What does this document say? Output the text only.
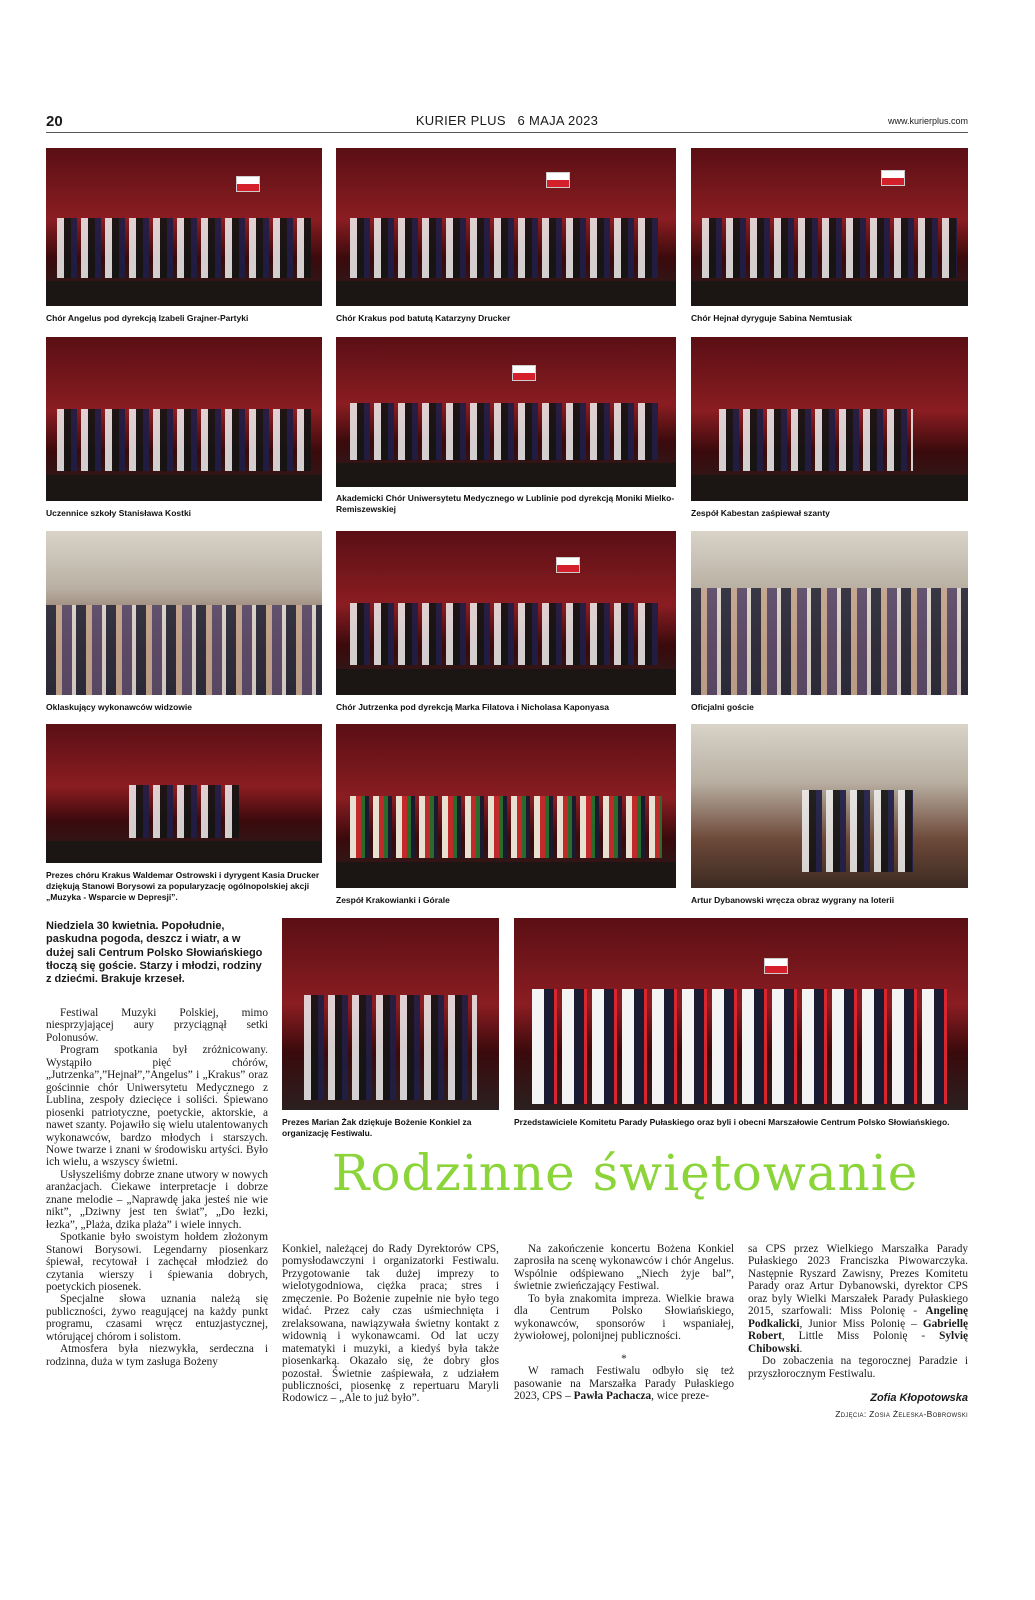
20	KURIER PLUS   6 MAJA 2023	www.kurierplus.com
Chór Angelus pod dyrekcją Izabeli Grajner-Partyki	Chór Krakus pod batutą Katarzyny Drucker	Chór Hejnał dyryguje Sabina Nemtusiak
Uczennice szkoły Stanisława Kostki
Akademicki Chór Uniwersytetu Medycznego w Lublinie pod dyrekcją Moniki Mielko-Remiszewskiej	Zespół Kabestan zaśpiewał szanty
Oklaskujący wykonawców widzowie	Chór Jutrzenka pod dyrekcją Marka Filatova i Nicholasa Kaponyasa	Oficjalni goście
Prezes chóru Krakus Waldemar Ostrowski i dyrygent Kasia Drucker dziękują Stanowi Borysowi za popularyzację ogólnopolskiej akcji „Muzyka - Wsparcie w Depresji”.	Zespół Krakowianki i Górale	Artur Dybanowski wręcza obraz wygrany na loterii
Prezes Marian Żak dziękuje Bożenie Konkiel za organizację Festiwalu.
Przedstawiciele Komitetu Parady Pułaskiego oraz byli i obecni Marszałowie Centrum Polsko Słowiańskiego.
Niedziela 30 kwietnia. Popołudnie, paskudna pogoda, deszcz i wiatr, a w dużej sali Centrum Polsko Słowiańskiego tłoczą się goście. Starzy i młodzi, rodziny z dziećmi. Brakuje krzeseł.
Rodzinne świętowanie

Festiwal Muzyki Polskiej, mimo niesprzyjającej aury przyciągnął setki Polonusów.

Program spotkania był zróżnicowany. Wystąpiło pięć chórów, „Jutrzenka”,”Hejnał”,”Angelus” i „Krakus” oraz gościnnie chór Uniwersytetu Medycznego z Lublina, zespoły dziecięce i soliści. Śpiewano piosenki patriotyczne, poetyckie, aktorskie, a nawet szanty. Pojawiło się wielu utalentowanych wykonawców, bardzo młodych i starszych. Nowe twarze i znani w środowisku artyści. Było ich wielu, a wszyscy świetni.

Usłyszeliśmy dobrze znane utwory w nowych aranżacjach. Ciekawe interpretacje i dobrze znane melodie – „Naprawdę jaka jesteś nie wie nikt”, „Dziwny jest ten świat”, „Do łezki, łezka”, „Plaża, dzika plaża” i wiele innych.

Spotkanie było swoistym hołdem złożonym Stanowi Borysowi. Legendarny piosenkarz śpiewał, recytował i zachęcał młodzież do czytania wierszy i śpiewania dobrych, poetyckich piosenek.

Specjalne słowa uznania należą się publiczności, żywo reagującej na każdy punkt programu, czasami wręcz entuzjastycznej, wtórującej chórom i solistom.

Atmosfera była niezwykła, serdeczna i rodzinna, duża w tym zasługa Bożeny

Konkiel, należącej do Rady Dyrektorów CPS, pomysłodawczyni i organizatorki Festiwalu. Przygotowanie tak dużej imprezy to wielotygodniowa, ciężka praca; stres i zmęczenie. Po Bożenie zupełnie nie było tego widać. Przez cały czas uśmiechnięta i zrelaksowana, nawiązywała świetny kontakt z widownią i wykonawcami. Od lat uczy matematyki i muzyki, a kiedyś była także piosenkarką. Okazało się, że dobry głos pozostał. Świetnie zaśpiewała, z udziałem publiczności, piosenkę z repertuaru Maryli Rodowicz – „Ale to już było”.

Na zakończenie koncertu Bożena Konkiel zaprosiła na scenę wykonawców i chór Angelus. Wspólnie odśpiewano „Niech żyje bal”, świetnie zwieńczający Festiwal.

To była znakomita impreza. Wielkie brawa dla Centrum Polsko Słowiańskiego, wykonawców, sponsorów i wspaniałej, żywiołowej, polonijnej publiczności.

*

W ramach Festiwalu odbyło się też pasowanie na Marszałka Parady Pułaskiego 2023, CPS – Pawła Pachacza, wice preze-

sa CPS przez Wielkiego Marszałka Parady Pułaskiego 2023 Franciszka Piwowarczyka. Następnie Ryszard Zawisny, Prezes Komitetu Parady oraz Artur Dybanowski, dyrektor CPS oraz byly Wielki Marszałek Parady Pułaskiego 2015, szarfowali: Miss Polonię - Angelinę Podkalicki, Junior Miss Polonię – Gabriellę Robert, Little Miss Polonię - Sylvię Chibowski.

Do zobaczenia na tegorocznej Paradzie i przyszłorocznym Festiwalu.

Zofia Kłopotowska
Zdjęcia: Zosia Żeleska-Bobrowski
